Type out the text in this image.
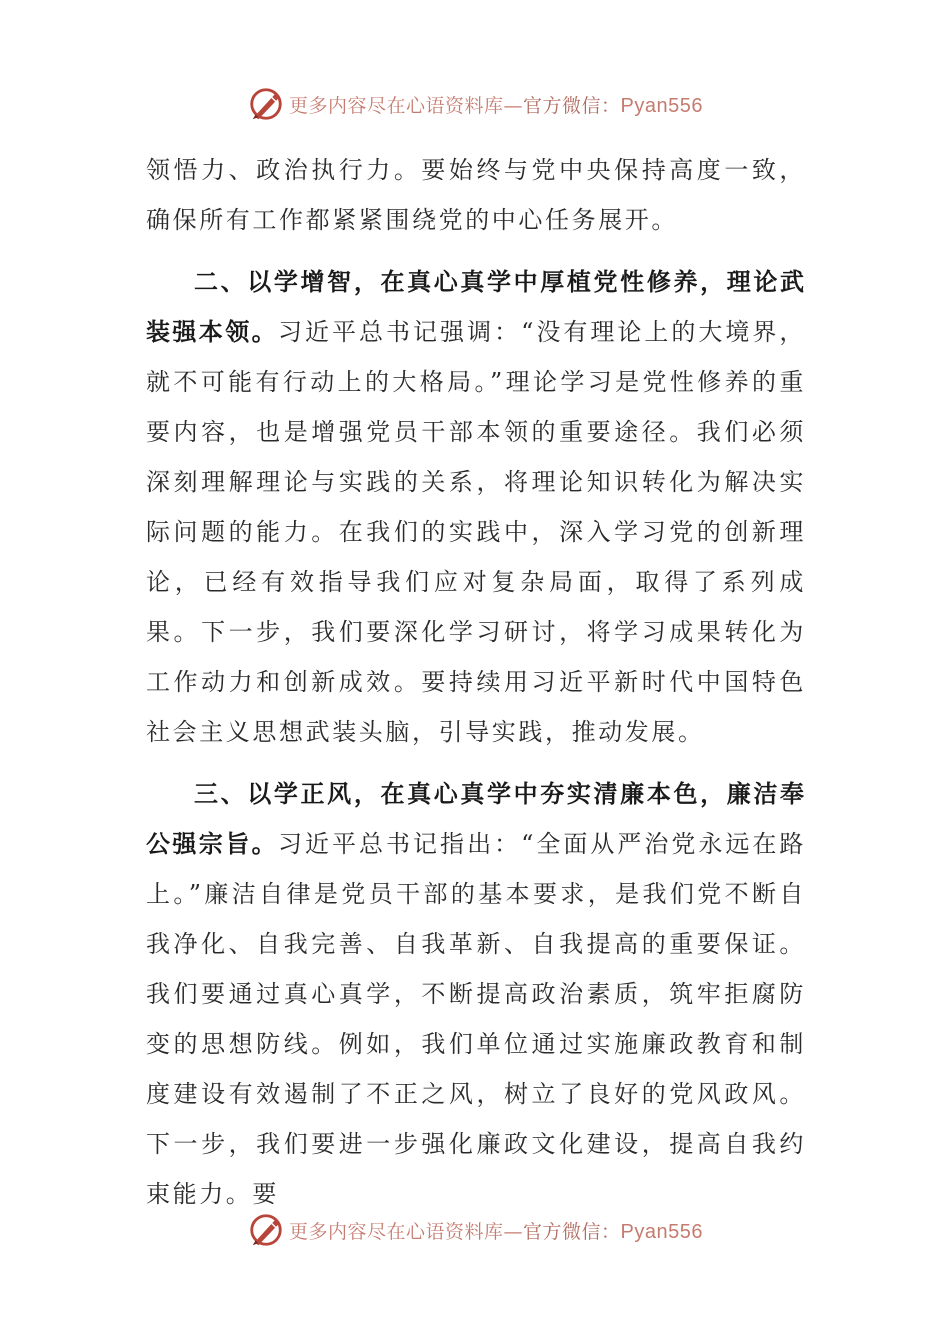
更多内容尽在心语资料库—官方微信：Pyan556

领悟力、政治执行力。要始终与党中央保持高度一致，确保所有工作都紧紧围绕党的中心任务展开。

二、以学增智，在真心真学中厚植党性修养，理论武装强本领。习近平总书记强调：“没有理论上的大境界，就不可能有行动上的大格局。”理论学习是党性修养的重要内容，也是增强党员干部本领的重要途径。我们必须深刻理解理论与实践的关系，将理论知识转化为解决实际问题的能力。在我们的实践中，深入学习党的创新理论，已经有效指导我们应对复杂局面，取得了系列成果。下一步，我们要深化学习研讨，将学习成果转化为工作动力和创新成效。要持续用习近平新时代中国特色社会主义思想武装头脑，引导实践，推动发展。

三、以学正风，在真心真学中夯实清廉本色，廉洁奉公强宗旨。习近平总书记指出：“全面从严治党永远在路上。”廉洁自律是党员干部的基本要求，是我们党不断自我净化、自我完善、自我革新、自我提高的重要保证。我们要通过真心真学，不断提高政治素质，筑牢拒腐防变的思想防线。例如，我们单位通过实施廉政教育和制度建设有效遏制了不正之风，树立了良好的党风政风。下一步，我们要进一步强化廉政文化建设，提高自我约束能力。要

更多内容尽在心语资料库—官方微信：Pyan556
